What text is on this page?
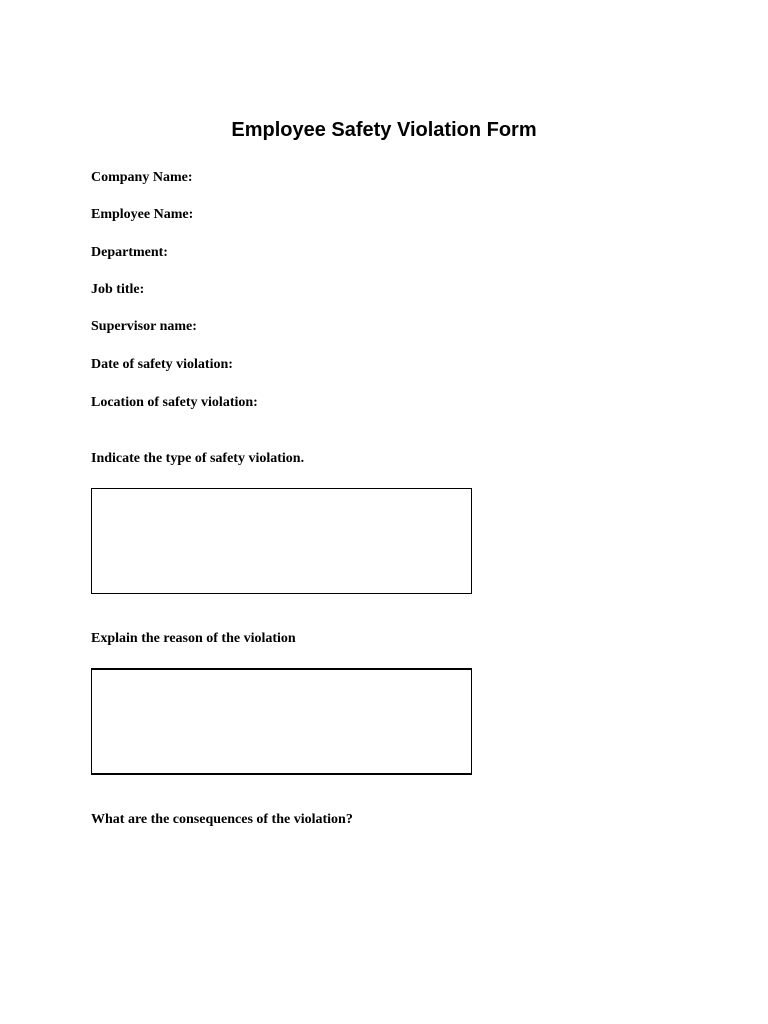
Employee Safety Violation Form
Company Name:
Employee Name:
Department:
Job title:
Supervisor name:
Date of safety violation:
Location of safety violation:
Indicate the type of safety violation.
Explain the reason of the violation
What are the consequences of the violation?
